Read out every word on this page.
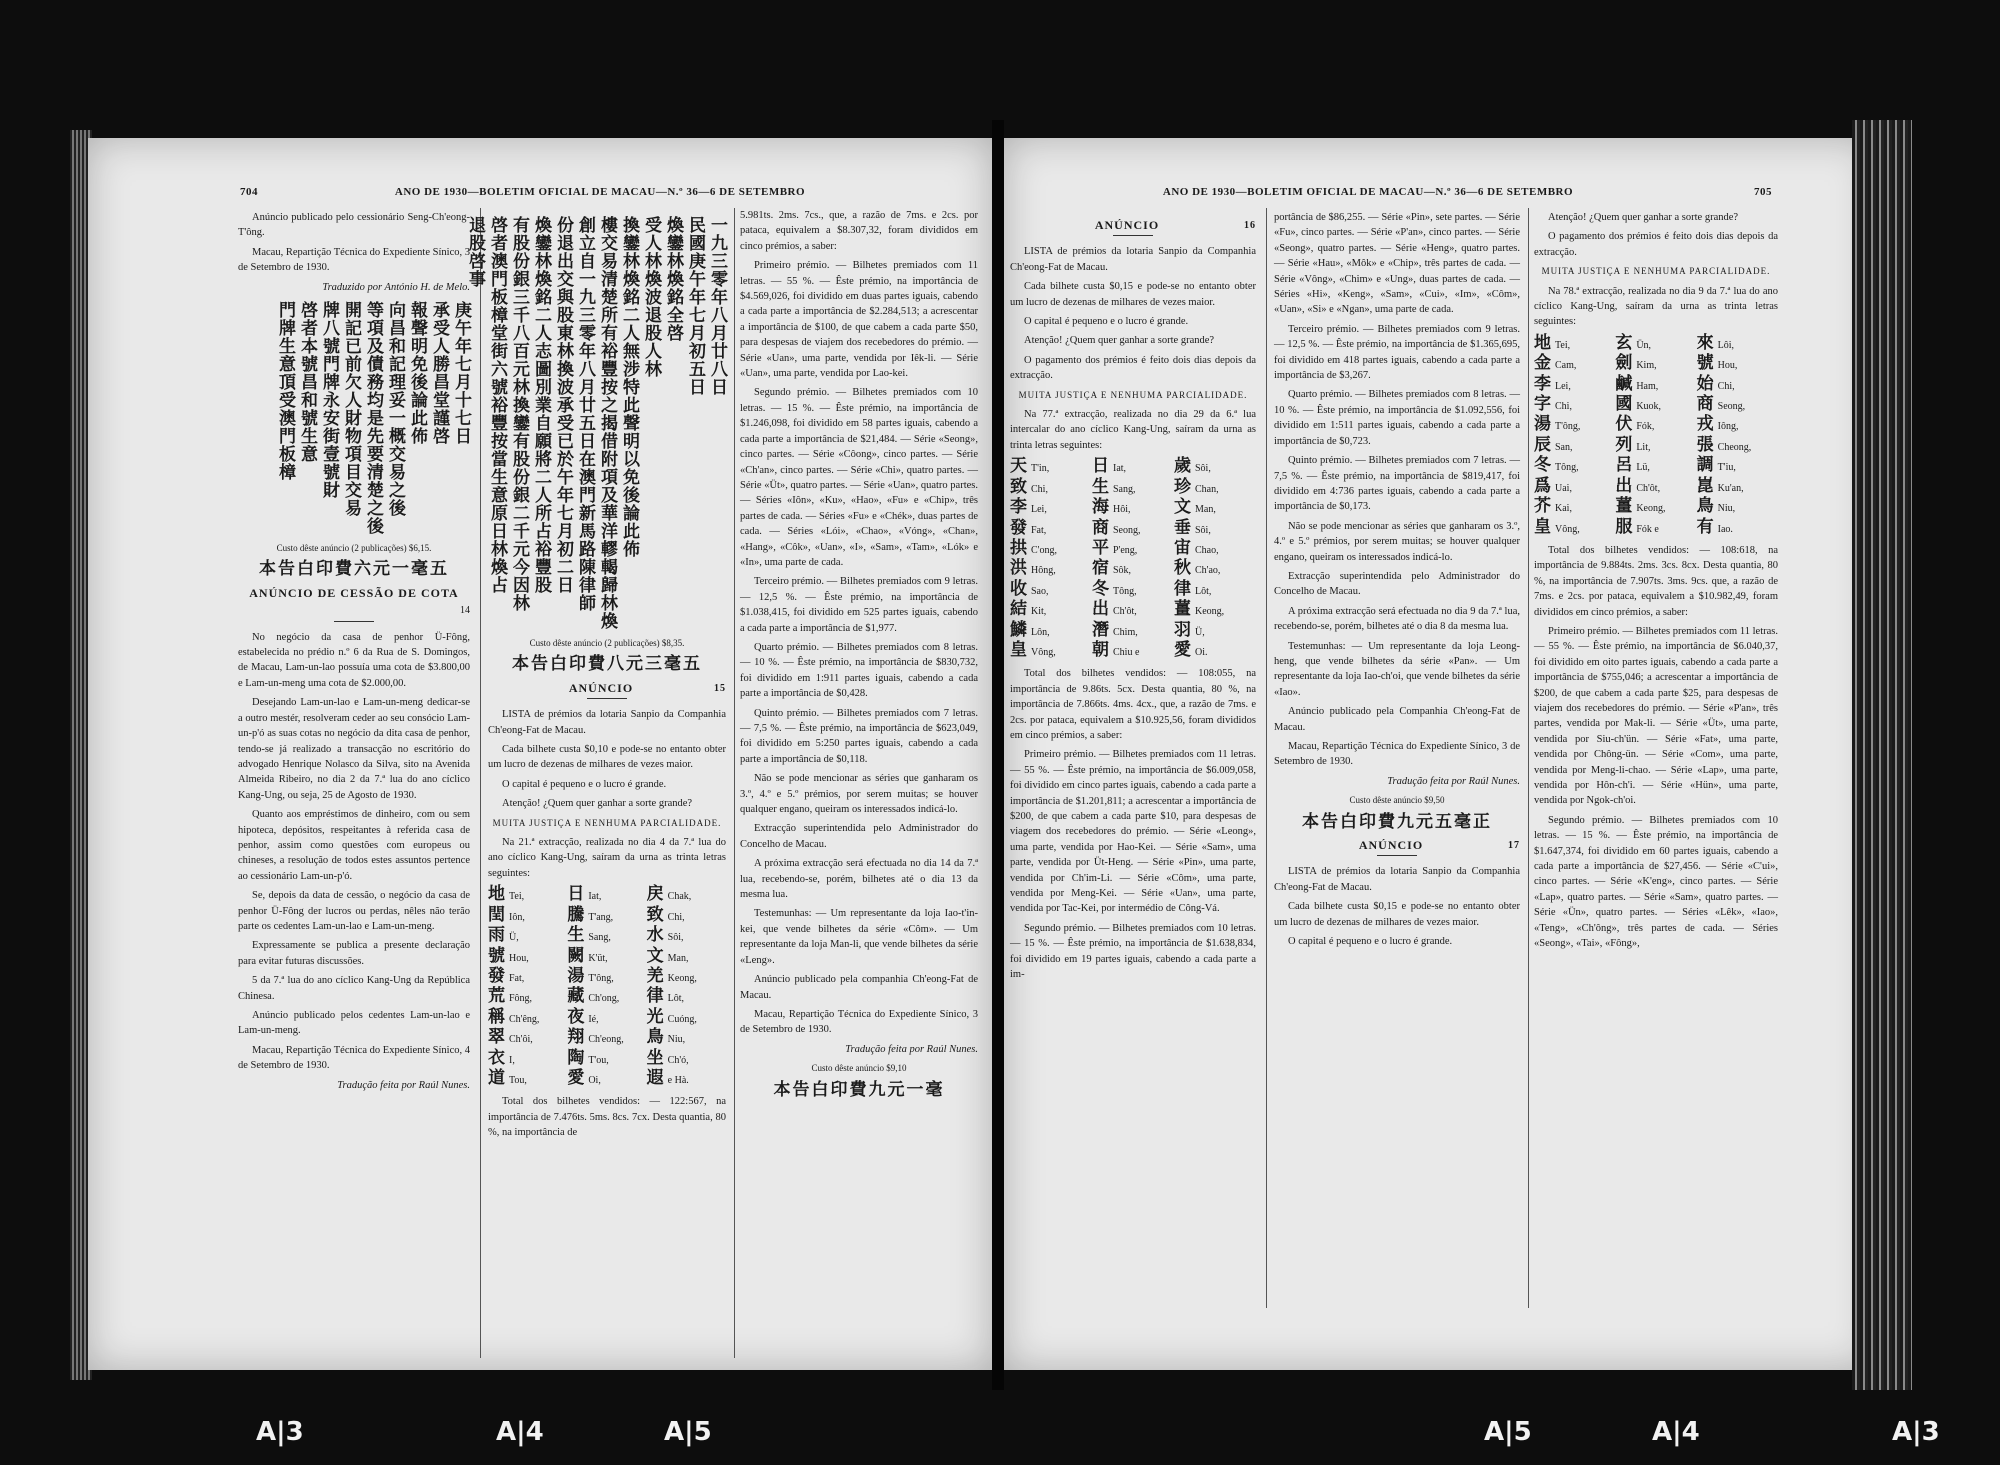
704	ANO DE 1930—BOLETIM OFICIAL DE MACAU—N.º 36—6 DE SETEMBRO

Anúncio publicado pelo cessionário Seng-Ch'eong-T'ông.

Macau, Repartição Técnica do Expediente Sínico, 3 de Setembro de 1930.

Traduzido por António H. de Melo.

庚午年七月十七日
承受人勝昌堂謹啓
報聲明免後論此佈
向昌和記理妥一概交易之後
等項及債務均是先要清楚之後
開記已前欠人財物項目交易
牌八號門牌永安街壹號財
啓者本號昌和號生意
門牌生意頂受澳門板樟
Custo dêste anúncio (2 publicações) $6,15.
本告白印費六元一毫五
ANÚNCIO DE CESSÃO DE COTA
14

No negócio da casa de penhor Ü-Fông, estabelecida no prédio n.º 6 da Rua de S. Domingos, de Macau, Lam-un-lao possuía uma cota de $3.800,00 e Lam-un-meng uma cota de $2.000,00.

Desejando Lam-un-lao e Lam-un-meng dedicar-se a outro mestér, resolveram ceder ao seu consócio Lam-un-p'ó as suas cotas no negócio da dita casa de penhor, tendo-se já realizado a transacção no escritório do advogado Henrique Nolasco da Silva, sito na Avenida Almeida Ribeiro, no dia 2 da 7.ª lua do ano cíclico Kang-Ung, ou seja, 25 de Agosto de 1930.

Quanto aos empréstimos de dinheiro, com ou sem hipoteca, depósitos, respeitantes à referida casa de penhor, assim como questões com europeus ou chineses, a resolução de todos estes assuntos pertence ao cessionário Lam-un-p'ó.

Se, depois da data de cessão, o negócio da casa de penhor Ü-Fông der lucros ou perdas, nêles não terão parte os cedentes Lam-un-lao e Lam-un-meng.

Expressamente se publica a presente declaração para evitar futuras discussões.

5 da 7.ª lua do ano cíclico Kang-Ung da República Chinesa.

Anúncio publicado pelos cedentes Lam-un-lao e Lam-un-meng.

Macau, Repartição Técnica do Expediente Sínico, 4 de Setembro de 1930.

Tradução feita por Raúl Nunes.

一九三零年八月廿八日
民國庚午年七月初五日
煥鑾林煥銘全啓
受人林煥波退股人林
換鑾林煥銘二人無涉特此聲明以免後論此佈
樓交易清楚所有裕豐按之揭借附項及華洋轇輵歸林煥
創立自一九三零年八月廿五日在澳門新馬路陳律師
份退出交與股東林換波承受已於午年七月初二日
煥鑾林煥銘二人志圖別業自願將二人所占裕豐股
有股份銀三千八百元林換鑾有股份銀二千元今因林
啓者澳門板樟堂街六號裕豐按當生意原日林煥占
退股啓事
Custo dêste anúncio (2 publicações) $8,35.
本告白印費八元三毫五
ANÚNCIO	15

LISTA de prémios da lotaria Sanpio da Companhia Ch'eong-Fat de Macau.

Cada bilhete custa $0,10 e pode-se no entanto obter um lucro de dezenas de milhares de vezes maior.

O capital é pequeno e o lucro é grande.

Atenção! ¿Quem quer ganhar a sorte grande?

MUITA JUSTIÇA E NENHUMA PARCIALIDADE.

Na 21.ª extracção, realizada no dia 4 da 7.ª lua do ano cíclico Kang-Ung, saíram da urna as trinta letras seguintes:

地 Tei,	日 Iat,	戻 Chak,
閏 Iôn,	騰 T'ang,	致 Chi,
雨 Ü,	生 Sang,	水 Sôi,
號 Hou,	闕 K'üt,	文 Man,
發 Fat,	湯 T'ông,	羌 Keong,
荒 Fông,	藏 Ch'ong,	律 Lôt,
稱 Ch'êng,	夜 Ié,	光 Cuóng,
翠 Ch'ôi,	翔 Ch'eong,	鳥 Niu,
衣 I,	陶 T'ou,	坐 Ch'ó,
道 Tou,	愛 Oi,	遐e Hà.

Total dos bilhetes vendidos: — 122:567, na importância de 7.476ts. 5ms. 8cs. 7cx. Desta quantia, 80 %, na importância de

5.981ts. 2ms. 7cs., que, a razão de 7ms. e 2cs. por pataca, equivalem a $8.307,32, foram divididos em cinco prémios, a saber:

Primeiro prémio. — Bilhetes premiados com 11 letras. — 55 %. — Êste prémio, na importância de $4.569,026, foi dividido em duas partes iguais, cabendo a cada parte a importância de $2.284,513; a acrescentar a importância de $100, de que cabem a cada parte $50, para despesas de viajem dos recebedores do prémio. — Série «Uan», uma parte, vendida por Iêk-li. — Série «Uan», uma parte, vendida por Lao-kei.

Segundo prémio. — Bilhetes premiados com 10 letras. — 15 %. — Êste prémio, na importância de $1.246,098, foi dividido em 58 partes iguais, cabendo a cada parte a importância de $21,484. — Série «Seong», cinco partes. — Série «Côong», cinco partes. — Série «Ch'an», cinco partes. — Série «Chi», quatro partes. — Série «Üt», quatro partes. — Série «Uan», quatro partes. — Séries «Iôn», «Ku», «Hao», «Fu» e «Chip», três partes de cada. — Séries «Fu» e «Chék», duas partes de cada. — Séries «Lói», «Chao», «Vóng», «Chan», «Hang», «Côk», «Uan», «I», «Sam», «Tam», «Lók» e «In», uma parte de cada.

Terceiro prémio. — Bilhetes premiados com 9 letras. — 12,5 %. — Êste prémio, na importância de $1.038,415, foi dividido em 525 partes iguais, cabendo a cada parte a importância de $1,977.

Quarto prémio. — Bilhetes premiados com 8 letras. — 10 %. — Êste prémio, na importância de $830,732, foi dividido em 1:911 partes iguais, cabendo a cada parte a importância de $0,428.

Quinto prémio. — Bilhetes premiados com 7 letras. — 7,5 %. — Êste prémio, na importância de $623,049, foi dividido em 5:250 partes iguais, cabendo a cada parte a importância de $0,118.

Não se pode mencionar as séries que ganharam os 3.º, 4.º e 5.º prémios, por serem muitas; se houver qualquer engano, queiram os interessados indicá-lo.

Extracção superintendida pelo Administrador do Concelho de Macau.

A próxima extracção será efectuada no dia 14 da 7.ª lua, recebendo-se, porém, bilhetes até o dia 13 da mesma lua.

Testemunhas: — Um representante da loja Iao-t'in-kei, que vende bilhetes da série «Côm». — Um representante da loja Man-li, que vende bilhetes da série «Leng».

Anúncio publicado pela companhia Ch'eong-Fat de Macau.

Macau, Repartição Técnica do Expediente Sínico, 3 de Setembro de 1930.

Tradução feita por Raúl Nunes.

Custo dêste anúncio $9,10
本告白印費九元一毫
ANO DE 1930—BOLETIM OFICIAL DE MACAU—N.º 36—6 DE SETEMBRO	705
ANÚNCIO	16

LISTA de prémios da lotaria Sanpio da Companhia Ch'eong-Fat de Macau.

Cada bilhete custa $0,15 e pode-se no entanto obter um lucro de dezenas de milhares de vezes maior.

O capital é pequeno e o lucro é grande.

Atenção! ¿Quem quer ganhar a sorte grande?

O pagamento dos prémios é feito dois dias depois da extracção.

MUITA JUSTIÇA E NENHUMA PARCIALIDADE.

Na 77.ª extracção, realizada no dia 29 da 6.ª lua intercalar do ano cíclico Kang-Ung, saíram da urna as trinta letras seguintes:

天 T'in,	日 Iat,	歲 Sôi,
致 Chi,	生 Sang,	珍 Chan,
李 Lei,	海 Hôi,	文 Man,
發 Fat,	商 Seong,	垂 Sôi,
拱 C'ong,	平 P'eng,	宙 Chao,
洪 Hông,	宿 Sôk,	秋 Ch'ao,
收 Sao,	冬 Tông,	律 Lôt,
結 Kit,	出 Ch'ôt,	薑 Keong,
鱗 Lôn,	潛 Chim,	羽 Ü,
皇 Vông,	朝 Chiu e	愛 Oi.

Total dos bilhetes vendidos: — 108:055, na importância de 9.86ts. 5cx. Desta quantia, 80 %, na importância de 7.866ts. 4ms. 4cx., que, a razão de 7ms. e 2cs. por pataca, equivalem a $10.925,56, foram divididos em cinco prémios, a saber:

Primeiro prémio. — Bilhetes premiados com 11 letras. — 55 %. — Êste prémio, na importância de $6.009,058, foi dividido em cinco partes iguais, cabendo a cada parte a importância de $1.201,811; a acrescentar a importância de $200, de que cabem a cada parte $10, para despesas de viagem dos recebedores do prémio. — Série «Leong», uma parte, vendida por Hao-Kei. — Série «Sam», uma parte, vendida por Üt-Heng. — Série «Pin», uma parte, vendida por Ch'im-Li. — Série «Côm», uma parte, vendida por Meng-Kei. — Série «Uan», uma parte, vendida por Tac-Kei, por intermédio de Công-Vá.

Segundo prémio. — Bilhetes premiados com 10 letras. — 15 %. — Êste prémio, na importância de $1.638,834, foi dividido em 19 partes iguais, cabendo a cada parte a im-

portância de $86,255. — Série «Pin», sete partes. — Série «Fu», cinco partes. — Série «P'an», cinco partes. — Série «Seong», quatro partes. — Série «Heng», quatro partes. — Série «Hau», «Môk» e «Chip», três partes de cada. — Série «Vông», «Chim» e «Ung», duas partes de cada. — Séries «Hi», «Keng», «Sam», «Cui», «Im», «Côm», «Uan», «Si» e «Ngan», uma parte de cada.

Terceiro prémio. — Bilhetes premiados com 9 letras. — 12,5 %. — Êste prémio, na importância de $1.365,695, foi dividido em 418 partes iguais, cabendo a cada parte a importância de $3,267.

Quarto prémio. — Bilhetes premiados com 8 letras. — 10 %. — Êste prémio, na importância de $1.092,556, foi dividido em 1:511 partes iguais, cabendo a cada parte a importância de $0,723.

Quinto prémio. — Bilhetes premiados com 7 letras. — 7,5 %. — Êste prémio, na importância de $819,417, foi dividido em 4:736 partes iguais, cabendo a cada parte a importância de $0,173.

Não se pode mencionar as séries que ganharam os 3.º, 4.º e 5.º prémios, por serem muitas; se houver qualquer engano, queiram os interessados indicá-lo.

Extracção superintendida pelo Administrador do Concelho de Macau.

A próxima extracção será efectuada no dia 9 da 7.ª lua, recebendo-se, porém, bilhetes até o dia 8 da mesma lua.

Testemunhas: — Um representante da loja Leong-heng, que vende bilhetes da série «Pan». — Um representante da loja Iao-ch'oi, que vende bilhetes da série «Iao».

Anúncio publicado pela Companhia Ch'eong-Fat de Macau.

Macau, Repartição Técnica do Expediente Sínico, 3 de Setembro de 1930.

Tradução feita por Raúl Nunes.

Custo dêste anúncio $9,50
本告白印費九元五毫正
ANÚNCIO	17

LISTA de prémios da lotaria Sanpio da Companhia Ch'eong-Fat de Macau.

Cada bilhete custa $0,15 e pode-se no entanto obter um lucro de dezenas de milhares de vezes maior.

O capital é pequeno e o lucro é grande.

Atenção! ¿Quem quer ganhar a sorte grande?

O pagamento dos prémios é feito dois dias depois da extracção.

MUITA JUSTIÇA E NENHUMA PARCIALIDADE.

Na 78.ª extracção, realizada no dia 9 da 7.ª lua do ano cíclico Kang-Ung, saíram da urna as trinta letras seguintes:

地 Tei,	玄 Ün,	來 Lôi,
金 Cam,	劍 Kim,	號 Hou,
李 Lei,	鹹 Ham,	始 Chi,
字 Chi,	國 Kuok,	商 Seong,
湯 T'ông,	伏 Fók,	戎 Iông,
辰 San,	列 Lit,	張 Cheong,
冬 Tông,	呂 Lü,	調 T'iu,
爲 Uai,	出 Ch'ôt,	崑 Ku'an,
芥 Kai,	薑 Keong,	鳥 Niu,
皇 Vông,	服 Fók e	有 Iao.

Total dos bilhetes vendidos: — 108:618, na importância de 9.884ts. 2ms. 3cs. 8cx. Desta quantia, 80 %, na importância de 7.907ts. 3ms. 9cs. que, a razão de 7ms. e 2cs. por pataca, equivalem a $10.982,49, foram divididos em cinco prémios, a saber:

Primeiro prémio. — Bilhetes premiados com 11 letras. — 55 %. — Êste prémio, na importância de $6.040,37, foi dividido em oito partes iguais, cabendo a cada parte a importância de $755,046; a acrescentar a importância de $200, de que cabem a cada parte $25, para despesas de viajem dos recebedores do prémio. — Série «P'an», três partes, vendida por Mak-li. — Série «Üt», uma parte, vendida por Siu-ch'ün. — Série «Fat», uma parte, vendida por Chông-ün. — Série «Com», uma parte, vendida por Meng-li-chao. — Série «Lap», uma parte, vendida por Hôn-ch'i. — Série «Hün», uma parte, vendida por Ngok-ch'oi.

Segundo prémio. — Bilhetes premiados com 10 letras. — 15 %. — Êste prémio, na importância de $1.647,374, foi dividido em 60 partes iguais, cabendo a cada parte a importância de $27,456. — Série «C'ui», cinco partes. — Série «K'eng», cinco partes. — Série «Lap», quatro partes. — Série «Sam», quatro partes. — Série «Ün», quatro partes. — Séries «Lêk», «Iao», «Teng», «Ch'ông», três partes de cada. — Séries «Seong», «Tai», «Fông»,

A|3	A|4	A|5	A|5	A|4	A|3
